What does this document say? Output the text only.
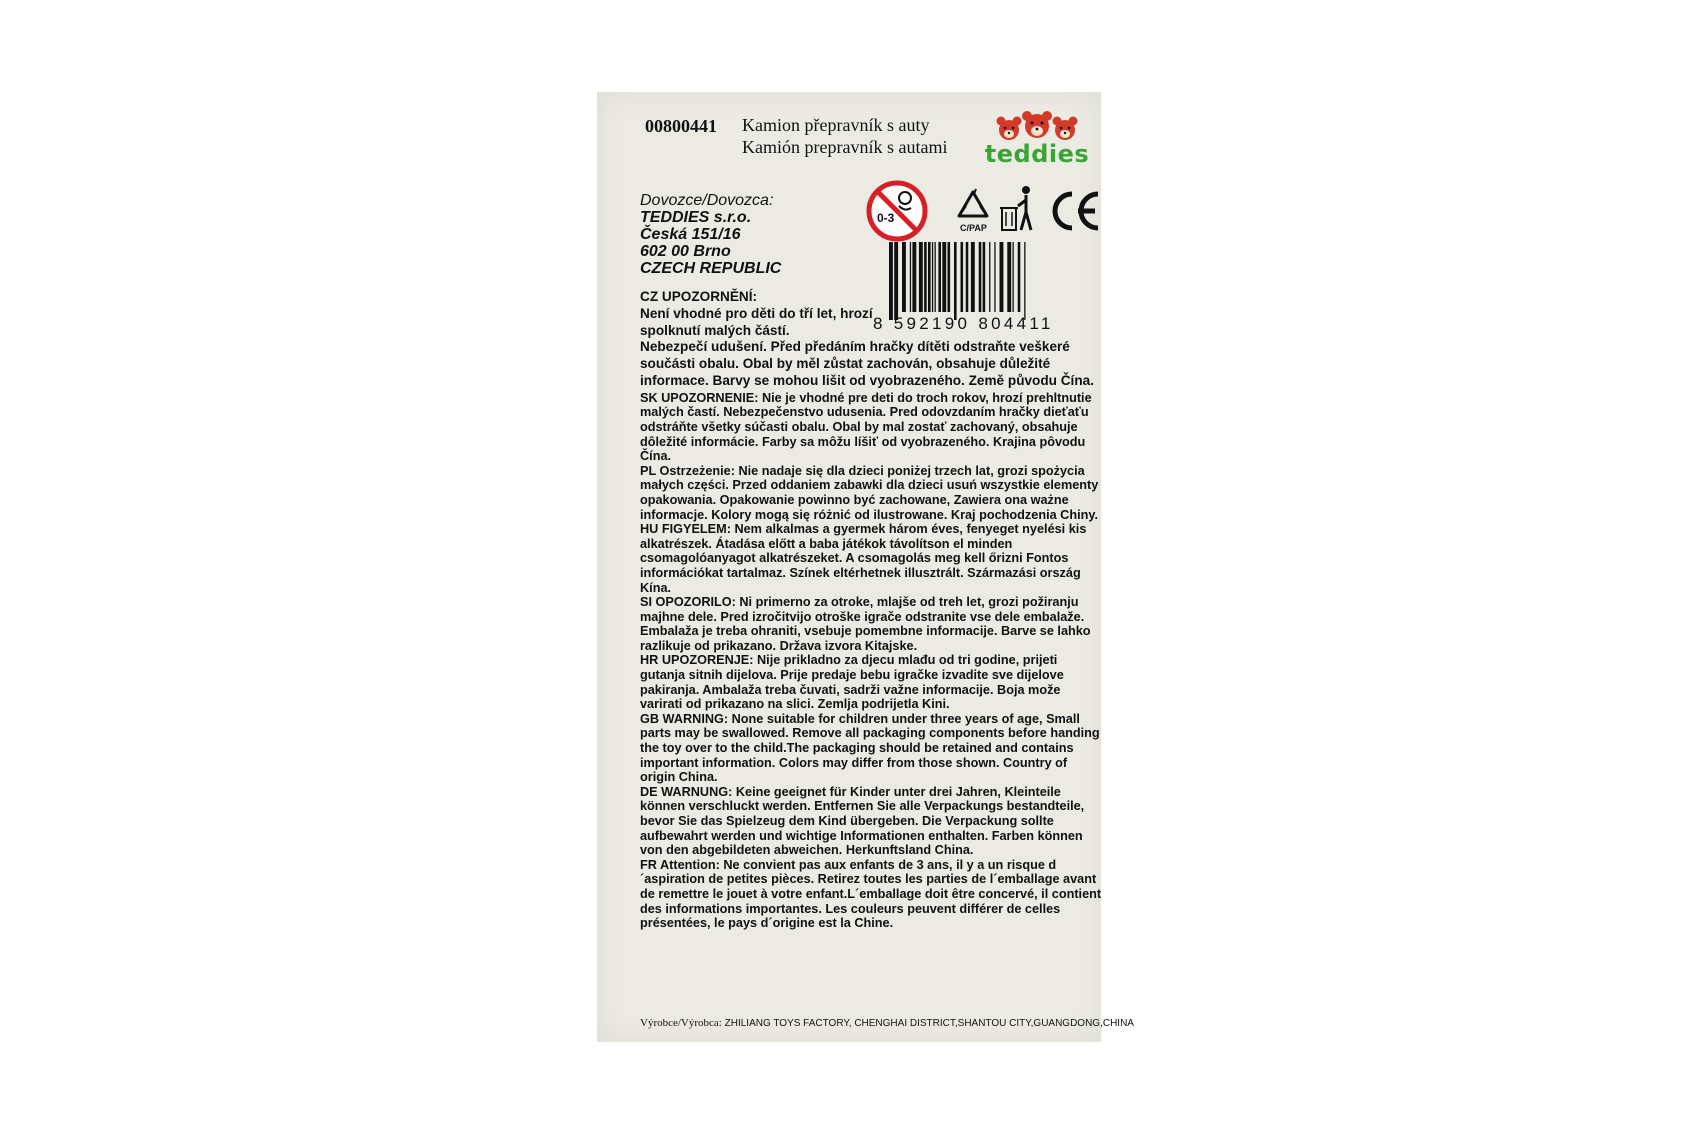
00800441 Kamion přepravník s auty
Kamión prepravník s autami	teddies
Dovozce/Dovozca:
TEDDIES s.r.o.
Česká 151/16
602 00 Brno
CZECH REPUBLIC
0-3
C/PAP
8 592190 804411
CZ UPOZORNĚNÍ:
Není vhodné pro děti do tří let, hrozí spolknutí malých částí.
Nebezpečí udušení. Před předáním hračky dítěti odstraňte veškeré součásti obalu. Obal by měl zůstat zachován, obsahuje důležité informace. Barvy se mohou lišit od vyobrazeného. Země původu Čína.
SK UPOZORNENIE: Nie je vhodné pre deti do troch rokov, hrozí prehltnutie malých častí. Nebezpečenstvo udusenia. Pred odovzdaním hračky dieťaťu odstráňte všetky súčasti obalu. Obal by mal zostať zachovaný, obsahuje dôležité informácie. Farby sa môžu líšiť od vyobrazeného. Krajina pôvodu Čína.
PL Ostrzeżenie: Nie nadaje się dla dzieci poniżej trzech lat, grozi spożycia małych części. Przed oddaniem zabawki dla dzieci usuń wszystkie elementy opakowania. Opakowanie powinno być zachowane, Zawiera ona ważne informacje. Kolory mogą się różnić od ilustrowane. Kraj pochodzenia Chiny.
HU FIGYELEM: Nem alkalmas a gyermek három éves, fenyeget nyelési kis alkatrészek. Átadása előtt a baba játékok távolítson el minden csomagolóanyagot alkatrészeket. A csomagolás meg kell őrizni Fontos információkat tartalmaz. Színek eltérhetnek illusztrált. Származási ország Kína.
SI OPOZORILO: Ni primerno za otroke, mlajše od treh let, grozi požiranju majhne dele. Pred izročitvijo otroške igrače odstranite vse dele embalaže. Embalaža je treba ohraniti, vsebuje pomembne informacije. Barve se lahko razlikuje od prikazano. Država izvora Kitajske.
HR UPOZORENJE: Nije prikladno za djecu mlađu od tri godine, prijeti gutanja sitnih dijelova. Prije predaje bebu igračke izvadite sve dijelove pakiranja. Ambalaža treba čuvati, sadrži važne informacije. Boja može varirati od prikazano na slici. Zemlja podrijetla Kini.
GB WARNING: None suitable for children under three years of age, Small parts may be swallowed. Remove all packaging components before handing the toy over to the child.The packaging should be retained and contains important information. Colors may differ from those shown. Country of origin China.
DE WARNUNG: Keine geeignet für Kinder unter drei Jahren, Kleinteile können verschluckt werden. Entfernen Sie alle Verpackungs bestandteile, bevor Sie das Spielzeug dem Kind übergeben. Die Verpackung sollte aufbewahrt werden und wichtige Informationen enthalten. Farben können von den abgebildeten abweichen. Herkunftsland China.
FR Attention: Ne convient pas aux enfants de 3 ans, il y a un risque d´aspiration de petites pièces. Retirez toutes les parties de l´emballage avant de remettre le jouet à votre enfant.L´emballage doit être concervé, il contient des informations importantes. Les couleurs peuvent différer de celles présentées, le pays d´origine est la Chine.
Výrobce/Výrobca: ZHILIANG TOYS FACTORY, CHENGHAI DISTRICT,SHANTOU CITY,GUANGDONG,CHINA
